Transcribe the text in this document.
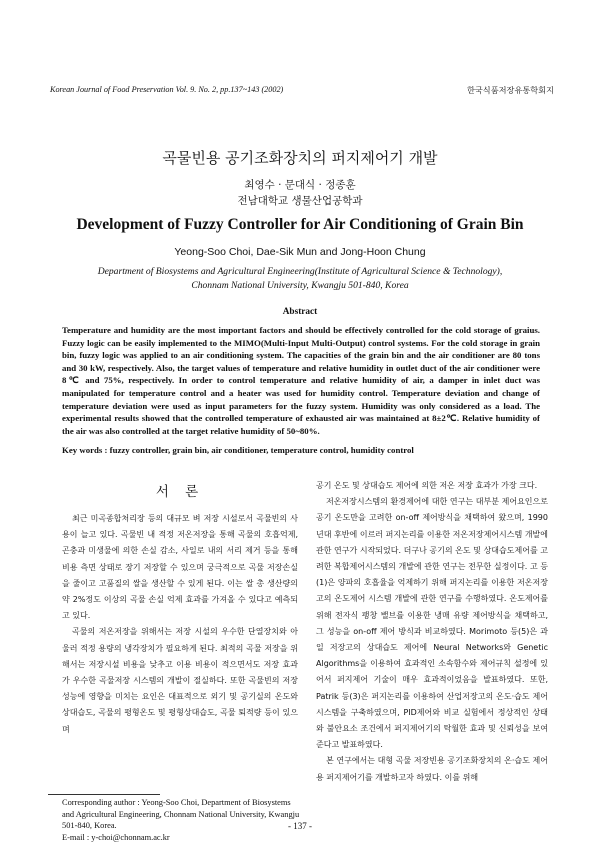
Korean Journal of Food Preservation Vol. 9. No. 2, pp.137~143 (2002)	한국식품저장유통학회지
곡물빈용 공기조화장치의 퍼지제어기 개발
최영수 · 문대식 · 정종훈
전남대학교 생물산업공학과
Development of Fuzzy Controller for Air Conditioning of Grain Bin
Yeong-Soo Choi, Dae-Sik Mun and Jong-Hoon Chung
Department of Biosystems and Agricultural Engineering(Institute of Agricultural Science & Technology),
Chonnam National University, Kwangju 501-840, Korea
Abstract
Temperature and humidity are the most important factors and should be effectively controlled for the cold storage of graius. Fuzzy logic can be easily implemented to the MIMO(Multi-Input Multi-Output) control systems. For the cold storage in grain bin, fuzzy logic was applied to an air conditioning system. The capacities of the grain bin and the air conditioner are 80 tons and 30 kW, respectively. Also, the target values of temperature and relative humidity in outlet duct of the air conditioner were 8℃ and 75%, respectively. In order to control temperature and relative humidity of air, a damper in inlet duct was manipulated for temperature control and a heater was used for humidity control. Temperature deviation and change of temperature deviation were used as input parameters for the fuzzy system. Humidity was only considered as a load. The experimental results showed that the controlled temperature of exhausted air was maintained at 8±2℃. Relative humidity of the air was also controlled at the target relative humidity of 50~80%.
Key words : fuzzy controller, grain bin, air conditioner, temperature control, humidity control
서 론

최근 미곡종합처리장 등의 대규모 벼 저장 시설로서 곡물빈의 사용이 늘고 있다. 곡물빈 내 적정 저온저장을 통해 곡물의 호흡억제, 곤충과 미생물에 의한 손실 감소, 사일로 내의 서리 제거 등을 통해 비용 측면 상태로 장기 저장할 수 있으며 궁극적으로 곡물 저장손실을 줄이고 고품질의 쌀을 생산할 수 있게 된다. 이는 쌀 총 생산량의 약 2%정도 이상의 곡물 손실 억제 효과를 가져올 수 있다고 예측되고 있다.

곡물의 저온저장을 위해서는 저장 시설의 우수한 단열장치와 아울러 적정 용량의 냉각장치가 필요하게 된다. 최적의 곡물 저장을 위해서는 저장시설 비용을 낮추고 이용 비용이 적으면서도 저장 효과가 우수한 곡물저장 시스템의 개발이 절실하다. 또한 곡물빈의 저장 성능에 영향을 미치는 요인은 대표적으로 외기 및 공기실의 온도와 상대습도, 곡물의 평형온도 및 평형상대습도, 곡물 퇴적량 등이 있으며

공기 온도 및 상대습도 제어에 의한 저온 저장 효과가 가장 크다.

저온저장시스템의 환경제어에 대한 연구는 대부분 제어요인으로 공기 온도만을 고려한 on-off 제어방식을 채택하여 왔으며, 1990년대 후반에 이르러 퍼지논리를 이용한 저온저장제어시스템 개발에 관한 연구가 시작되었다. 더구나 공기의 온도 및 상대습도제어를 고려한 복합제어시스템의 개발에 관한 연구는 전무한 실정이다. 고 등(1)은 양파의 호흡율을 억제하기 위해 퍼지논리를 이용한 저온저장고의 온도제어 시스템 개발에 관한 연구를 수행하였다. 온도제어를 위해 전자식 팽창 밸브를 이용한 냉매 유량 제어방식을 채택하고, 그 성능을 on-off 제어 방식과 비교하였다. Morimoto 등(5)은 과일 저장고의 상대습도 제어에 Neural Networks와 Genetic Algorithms을 이용하여 효과적인 소속함수와 제어규칙 설정에 있어서 퍼지제어 기술이 매우 효과적이었음을 발표하였다. 또한, Patrik 등(3)은 퍼지논리를 이용하여 산업저장고의 온도·습도 제어 시스템을 구축하였으며, PID제어와 비교 실험에서 정상적인 상태와 불안요소 조건에서 퍼지제어기의 탁월한 효과 및 신뢰성을 보여준다고 발표하였다.

본 연구에서는 대형 곡물 저장빈용 공기조화장치의 온·습도 제어용 퍼지제어기를 개발하고자 하였다. 이를 위해

Corresponding author : Yeong-Soo Choi, Department of Biosystems and Agricultural Engineering, Chonnam National University, Kwangju 501-840, Korea.
E-mail : y-choi@chonnam.ac.kr
- 137 -
